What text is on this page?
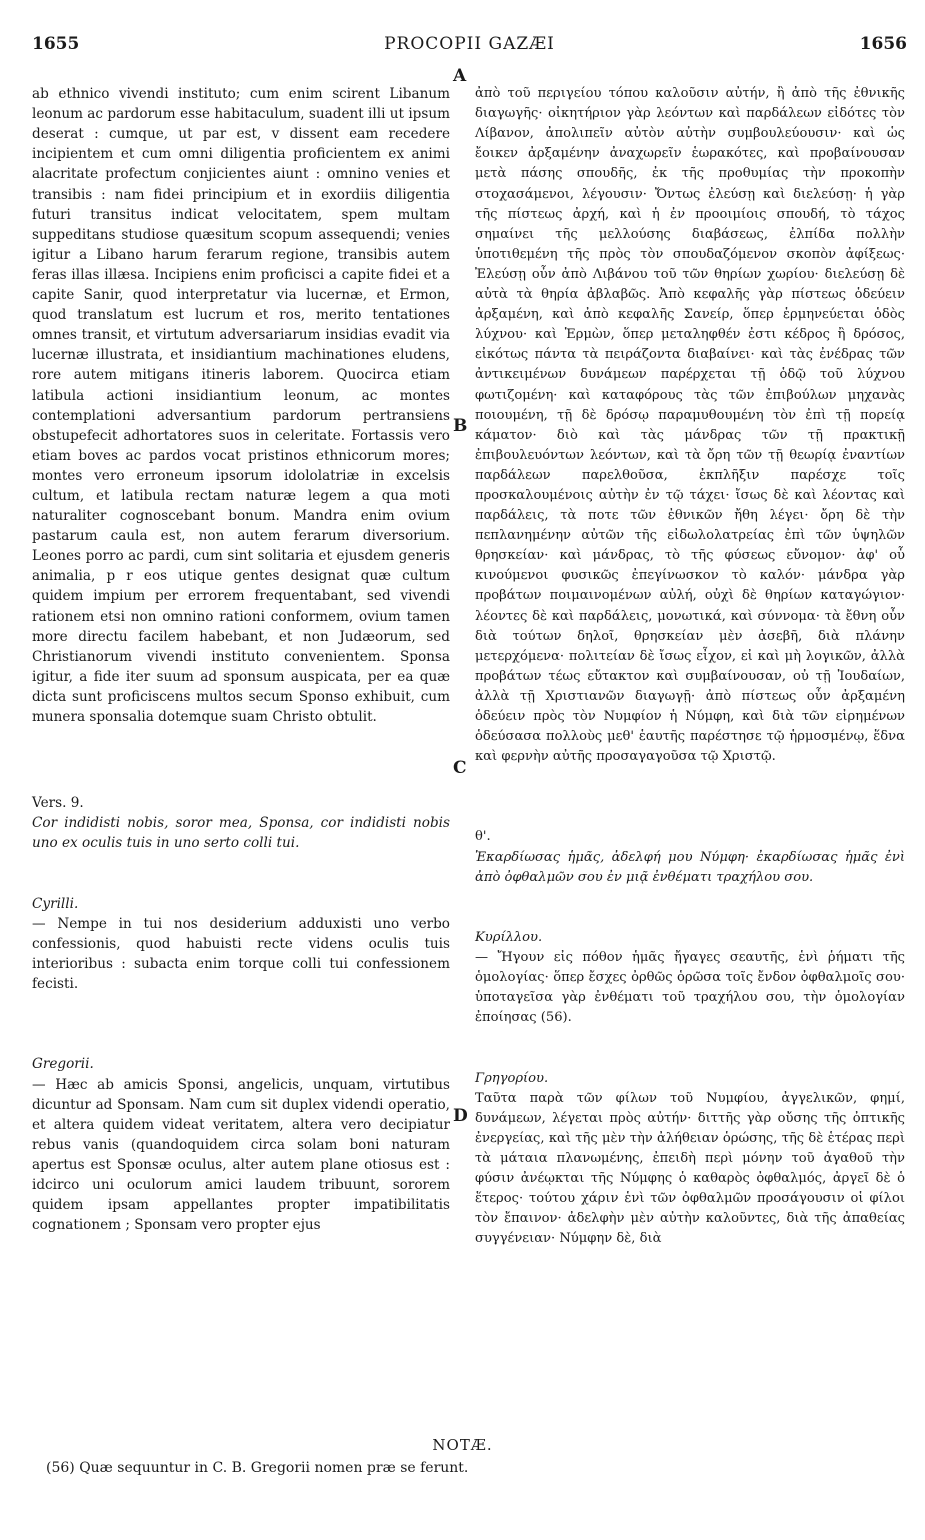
1655	PROCOPII GAZÆI	1656
A
B
C
D

ab ethnico vivendi instituto; cum enim scirent Libanum leonum ac pardorum esse habitaculum, suadent illi ut ipsum deserat : cumque, ut par est, v dissent eam recedere incipientem et cum omni diligentia proficientem ex animi alacritate profectum conjicientes aiunt : omnino venies et transibis : nam fidei principium et in exordiis diligentia futuri transitus indicat velocitatem, spem multam suppeditans studiose quæsitum scopum assequendi; venies igitur a Libano harum ferarum regione, transibis autem feras illas illæsa. Incipiens enim proficisci a capite fidei et a capite Sanir, quod interpretatur via lucernæ, et Ermon, quod translatum est lucrum et ros, merito tentationes omnes transit, et virtutum adversariarum insidias evadit via lucernæ illustrata, et insidiantium machinationes eludens, rore autem mitigans itineris laborem. Quocirca etiam latibula actioni insidiantium leonum, ac montes contemplationi adversantium pardorum pertransiens obstupefecit adhortatores suos in celeritate. Fortassis vero etiam boves ac pardos vocat pristinos ethnicorum mores; montes vero erroneum ipsorum idololatriæ in excelsis cultum, et latibula rectam naturæ legem a qua moti naturaliter cognoscebant bonum. Mandra enim ovium pastarum caula est, non autem ferarum diversorium. Leones porro ac pardi, cum sint solitaria et ejusdem generis animalia, p r eos utique gentes designat quæ cultum quidem impium per errorem frequentabant, sed vivendi rationem etsi non omnino rationi conformem, ovium tamen more directu facilem habebant, et non Judæorum, sed Christianorum vivendi instituto convenientem. Sponsa igitur, a fide iter suum ad sponsum auspicata, per ea quæ dicta sunt proficiscens multos secum Sponso exhibuit, cum munera sponsalia dotemque suam Christo obtulit.

Vers. 9.
Cor indidisti nobis, soror mea, Sponsa, cor indidisti nobis uno ex oculis tuis in uno serto colli tui.

Cyrilli.
— Nempe in tui nos desiderium adduxisti uno verbo confessionis, quod habuisti recte videns oculis tuis interioribus : subacta enim torque colli tui confessionem fecisti.

Gregorii.
— Hæc ab amicis Sponsi, angelicis, unquam, virtutibus dicuntur ad Sponsam. Nam cum sit duplex videndi operatio, et altera quidem videat veritatem, altera vero decipiatur rebus vanis (quandoquidem circa solam boni naturam apertus est Sponsæ oculus, alter autem plane otiosus est : idcirco uni oculorum amici laudem tribuunt, sororem quidem ipsam appellantes propter impatibilitatis cognationem ; Sponsam vero propter ejus

ἀπὸ τοῦ περιγείου τόπου καλοῦσιν αὐτήν, ἢ ἀπὸ τῆς ἐθνικῆς διαγωγῆς· οἰκητήριον γὰρ λεόντων καὶ παρδάλεων εἰδότες τὸν Λίβανον, ἀπολιπεῖν αὐτὸν αὐτὴν συμβουλεύουσιν· καὶ ὡς ἔοικεν ἀρξαμένην ἀναχωρεῖν ἑωρακότες, καὶ προβαίνουσαν μετὰ πάσης σπουδῆς, ἐκ τῆς προθυμίας τὴν προκοπὴν στοχασάμενοι, λέγουσιν· Ὄντως ἐλεύσῃ καὶ διελεύσῃ· ἡ γὰρ τῆς πίστεως ἀρχή, καὶ ἡ ἐν προοιμίοις σπουδή, τὸ τάχος σημαίνει τῆς μελλούσης διαβάσεως, ἐλπίδα πολλὴν ὑποτιθεμένη τῆς πρὸς τὸν σπουδαζόμενον σκοπὸν ἀφίξεως· Ἐλεύσῃ οὖν ἀπὸ Λιβάνου τοῦ τῶν θηρίων χωρίου· διελεύσῃ δὲ αὐτὰ τὰ θηρία ἀβλαβῶς. Ἀπὸ κεφαλῆς γὰρ πίστεως ὁδεύειν ἀρξαμένη, καὶ ἀπὸ κεφαλῆς Σανείρ, ὅπερ ἑρμηνεύεται ὁδὸς λύχνου· καὶ Ἑρμὼν, ὅπερ μεταληφθέν ἐστι κέδρος ἢ δρόσος, εἰκότως πάντα τὰ πειράζοντα διαβαίνει· καὶ τὰς ἐνέδρας τῶν ἀντικειμένων δυνάμεων παρέρχεται τῇ ὁδῷ τοῦ λύχνου φωτιζομένη· καὶ καταφόρους τὰς τῶν ἐπιβούλων μηχανὰς ποιουμένη, τῇ δὲ δρόσῳ παραμυθουμένη τὸν ἐπὶ τῇ πορείᾳ κάματον· διὸ καὶ τὰς μάνδρας τῶν τῇ πρακτικῇ ἐπιβουλευόντων λεόντων, καὶ τὰ ὄρη τῶν τῇ θεωρίᾳ ἐναντίων παρδάλεων παρελθοῦσα, ἐκπλῆξιν παρέσχε τοῖς προσκαλουμένοις αὐτὴν ἐν τῷ τάχει· ἴσως δὲ καὶ λέοντας καὶ παρδάλεις, τὰ ποτε τῶν ἐθνικῶν ἤθη λέγει· ὄρη δὲ τὴν πεπλανημένην αὐτῶν τῆς εἰδωλολατρείας ἐπὶ τῶν ὑψηλῶν θρησκείαν· καὶ μάνδρας, τὸ τῆς φύσεως εὔνομον· ἀφ' οὗ κινούμενοι φυσικῶς ἐπεγίνωσκον τὸ καλόν· μάνδρα γὰρ προβάτων ποιμαινομένων αὐλή, οὐχὶ δὲ θηρίων καταγώγιον· λέοντες δὲ καὶ παρδάλεις, μονωτικά, καὶ σύννομα· τὰ ἔθνη οὖν διὰ τούτων δηλοῖ, θρησκείαν μὲν ἀσεβῆ, διὰ πλάνην μετερχόμενα· πολιτείαν δὲ ἴσως εἶχον, εἰ καὶ μὴ λογικῶν, ἀλλὰ προβάτων τέως εὔτακτον καὶ συμβαίνουσαν, οὐ τῇ Ἰουδαίων, ἀλλὰ τῇ Χριστιανῶν διαγωγῇ· ἀπὸ πίστεως οὖν ἀρξαμένη ὁδεύειν πρὸς τὸν Νυμφίον ἡ Νύμφη, καὶ διὰ τῶν εἰρημένων ὁδεύσασα πολλοὺς μεθ' ἑαυτῆς παρέστησε τῷ ἡρμοσμένῳ, ἕδνα καὶ φερνὴν αὐτῆς προσαγαγοῦσα τῷ Χριστῷ.

θ'.
Ἐκαρδίωσας ἡμᾶς, ἀδελφή μου Νύμφη· ἐκαρδίωσας ἡμᾶς ἐνὶ ἀπὸ ὀφθαλμῶν σου ἐν μιᾷ ἐνθέματι τραχήλου σου.

Κυρίλλου.
— Ἤγουν εἰς πόθον ἡμᾶς ἤγαγες σεαυτῆς, ἑνὶ ῥήματι τῆς ὁμολογίας· ὅπερ ἔσχες ὀρθῶς ὁρῶσα τοῖς ἔνδον ὀφθαλμοῖς σου· ὑποταγεῖσα γὰρ ἐνθέματι τοῦ τραχήλου σου, τὴν ὁμολογίαν ἐποίησας (56).

Γρηγορίου.
Ταῦτα παρὰ τῶν φίλων τοῦ Νυμφίου, ἀγγελικῶν, φημί, δυνάμεων, λέγεται πρὸς αὐτήν· διττῆς γὰρ οὔσης τῆς ὀπτικῆς ἐνεργείας, καὶ τῆς μὲν τὴν ἀλήθειαν ὁρώσης, τῆς δὲ ἑτέρας περὶ τὰ μάταια πλανωμένης, ἐπειδὴ περὶ μόνην τοῦ ἀγαθοῦ τὴν φύσιν ἀνέῳκται τῆς Νύμφης ὁ καθαρὸς ὀφθαλμός, ἀργεῖ δὲ ὁ ἕτερος· τούτου χάριν ἑνὶ τῶν ὀφθαλμῶν προσάγουσιν οἱ φίλοι τὸν ἔπαινον· ἀδελφὴν μὲν αὐτὴν καλοῦντες, διὰ τῆς ἀπαθείας συγγένειαν· Νύμφην δὲ, διὰ

NOTÆ.
(56) Quæ sequuntur in C. B. Gregorii nomen præ se ferunt.
